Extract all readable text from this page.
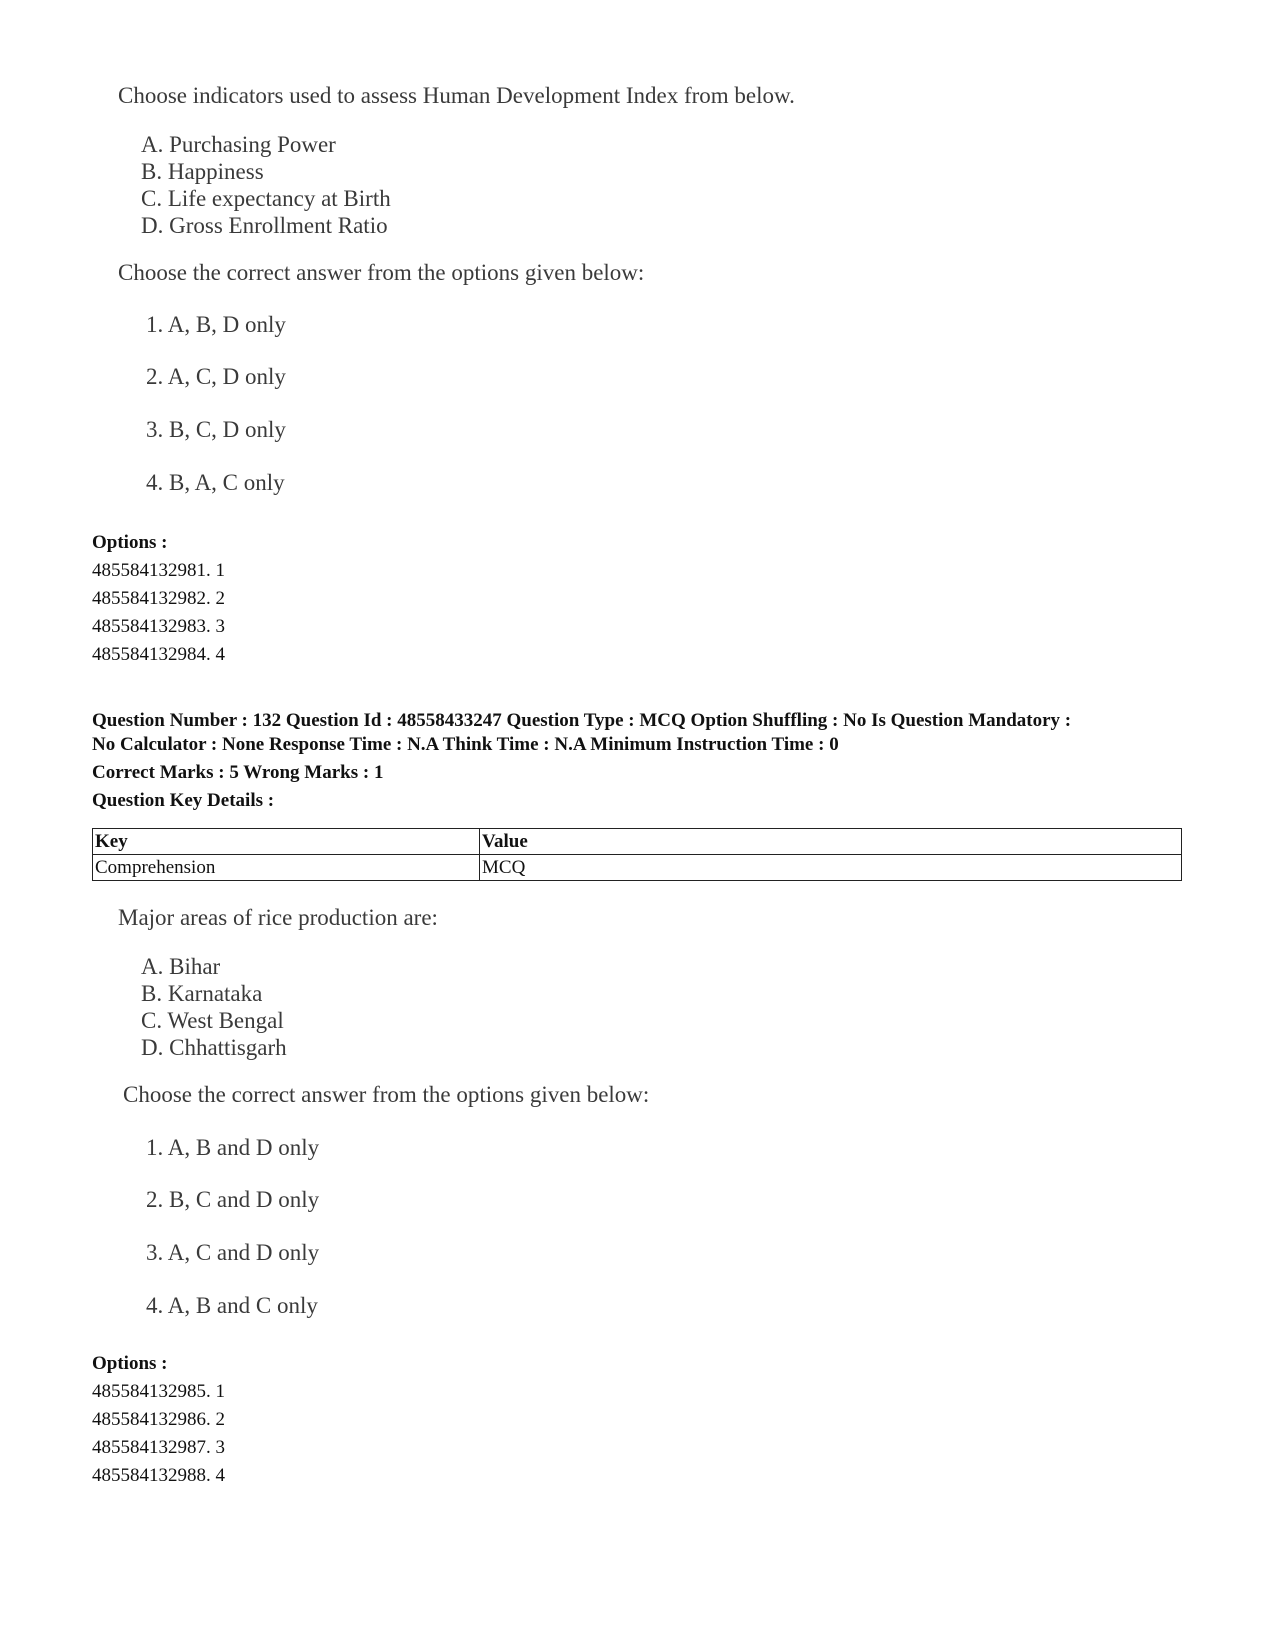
Choose indicators used to assess Human Development Index from below.
A. Purchasing Power
B. Happiness
C. Life expectancy at Birth
D. Gross Enrollment Ratio
Choose the correct answer from the options given below:
1. A, B, D only
2. A, C, D only
3. B, C, D only
4. B, A, C only
Options :
485584132981. 1
485584132982. 2
485584132983. 3
485584132984. 4
Question Number : 132 Question Id : 48558433247 Question Type : MCQ Option Shuffling : No Is Question Mandatory :
No Calculator : None Response Time : N.A Think Time : N.A Minimum Instruction Time : 0
Correct Marks : 5 Wrong Marks : 1
Question Key Details :
Key	Value
Comprehension	MCQ
Major areas of rice production are:
A. Bihar
B. Karnataka
C. West Bengal
D. Chhattisgarh
Choose the correct answer from the options given below:
1. A, B and D only
2. B, C and D only
3. A, C and D only
4. A, B and C only
Options :
485584132985. 1
485584132986. 2
485584132987. 3
485584132988. 4
